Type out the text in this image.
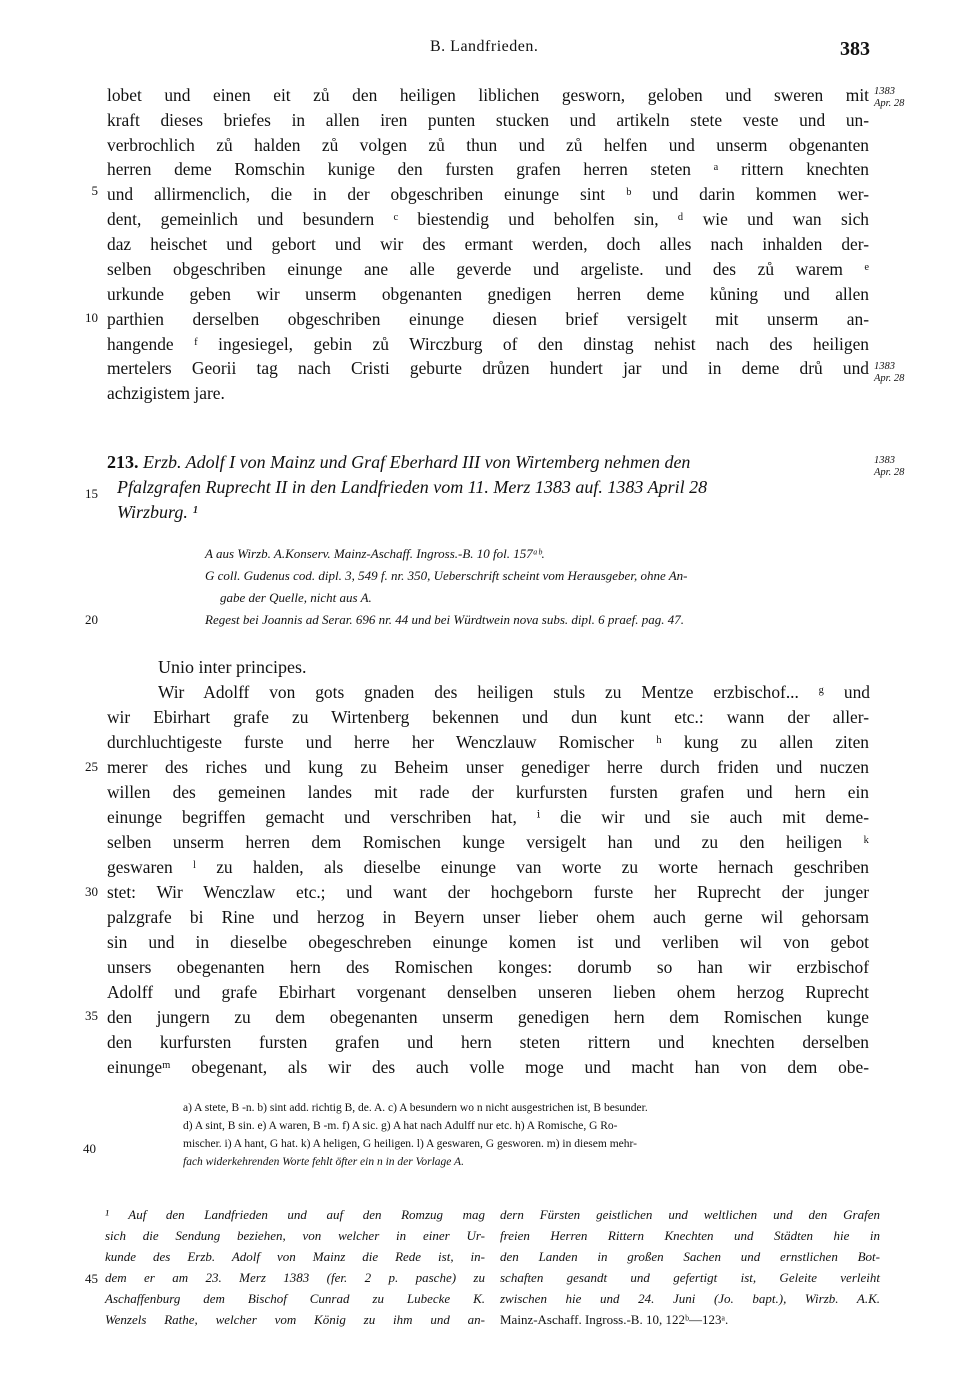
B. Landfrieden.	383
5
10
15
20
25
30
35
40
45
1383
Apr. 28
1383
Apr. 28
1383
Apr. 28
lobet und einen eit zů den heiligen liblichen gesworn, geloben und sweren mit
kraft dieses briefes in allen iren punten stucken und artikeln stete veste und un-
verbrochlich zů halden zů volgen zů thun und zů helfen und unserm obgenanten
herren deme Romschin kunige den fursten grafen herren steten ᵃ rittern knechten
und allirmenclich, die in der obgeschriben einunge sint ᵇ und darin kommen wer-
dent, gemeinlich und besundern ᶜ biestendig und beholfen sin, ᵈ wie und wan sich
daz heischet und gebort und wir des ermant werden, doch alles nach inhalden der-
selben obgeschriben einunge ane alle geverde und argeliste. und des zů warem ᵉ
urkunde geben wir unserm obgenanten gnedigen herren deme kůning und allen
parthien derselben obgeschriben einunge diesen brief versigelt mit unserm an-
hangende ᶠ ingesiegel, gebin zů Wirczburg of den dinstag nehist nach des heiligen
mertelers Georii tag nach Cristi geburte drůzen hundert jar und in deme drů und
achzigistem jare.
213. Erzb. Adolf I von Mainz und Graf Eberhard III von Wirtemberg nehmen den
Pfalzgrafen Ruprecht II in den Landfrieden vom 11. Merz 1383 auf. 1383 April 28
Wirzburg. ¹
A aus Wirzb. A.Konserv. Mainz-Aschaff. Ingross.-B. 10 fol. 157ᵃᵇ.
G coll. Gudenus cod. dipl. 3, 549 f. nr. 350, Ueberschrift scheint vom Herausgeber, ohne An-
gabe der Quelle, nicht aus A.
Regest bei Joannis ad Serar. 696 nr. 44 und bei Würdtwein nova subs. dipl. 6 praef. pag. 47.
Unio inter principes.
Wir Adolff von gots gnaden des heiligen stuls zu Mentze erzbischof... ᵍ und
wir Ebirhart grafe zu Wirtenberg bekennen und dun kunt etc.: wann der aller-
durchluchtigeste furste und herre her Wenczlauw Romischer ʰ kung zu allen ziten
merer des riches und kung zu Beheim unser genediger herre durch friden und nuczen
willen des gemeinen landes mit rade der kurfursten fursten grafen und hern ein
einunge begriffen gemacht und verschriben hat, ⁱ die wir und sie auch mit deme-
selben unserm herren dem Romischen kunge versigelt han und zu den heiligen ᵏ
geswaren ˡ zu halden, als dieselbe einunge van worte zu worte hernach geschriben
stet: Wir Wenczlaw etc.; und want der hochgeborn furste her Ruprecht der junger
palzgrafe bi Rine und herzog in Beyern unser lieber ohem auch gerne wil gehorsam
sin und in dieselbe obegeschreben einunge komen ist und verliben wil von gebot
unsers obegenanten hern des Romischen konges: dorumb so han wir erzbischof
Adolff und grafe Ebirhart vorgenant denselben unseren lieben ohem herzog Ruprecht
den jungern zu dem obegenanten unserm genedigen hern dem Romischen kunge
den kurfursten fursten grafen und hern steten rittern und knechten derselben
einungeᵐ obegenant, als wir des auch volle moge und macht han von dem obe-
a) A stete, B -n. b) sint add. richtig B, de. A. c) A besundern wo n nicht ausgestrichen ist, B besunder.
d) A sint, B sin. e) A waren, B -m. f) A sic. g) A hat nach Adulff nur etc. h) A Romische, G Ro-
mischer. i) A hant, G hat. k) A heligen, G heiligen. l) A geswaren, G gesworen. m) in diesem mehr-
fach widerkehrenden Worte fehlt öfter ein n in der Vorlage A.
¹ Auf den Landfrieden und auf den Romzug mag
sich die Sendung beziehen, von welcher in einer Ur-
kunde des Erzb. Adolf von Mainz die Rede ist, in-
dem er am 23. Merz 1383 (fer. 2 p. pasche) zu
Aschaffenburg dem Bischof Cunrad zu Lubecke K.
Wenzels Rathe, welcher vom König zu ihm und an-
dern Fürsten geistlichen und weltlichen und den Grafen
freien Herren Rittern Knechten und Städten hie in
den Landen in großen Sachen und ernstlichen Bot-
schaften gesandt und gefertigt ist, Geleite verleiht
zwischen hie und 24. Juni (Jo. bapt.), Wirzb. A.K.
Mainz-Aschaff. Ingross.-B. 10, 122ᵇ—123ᵃ.
